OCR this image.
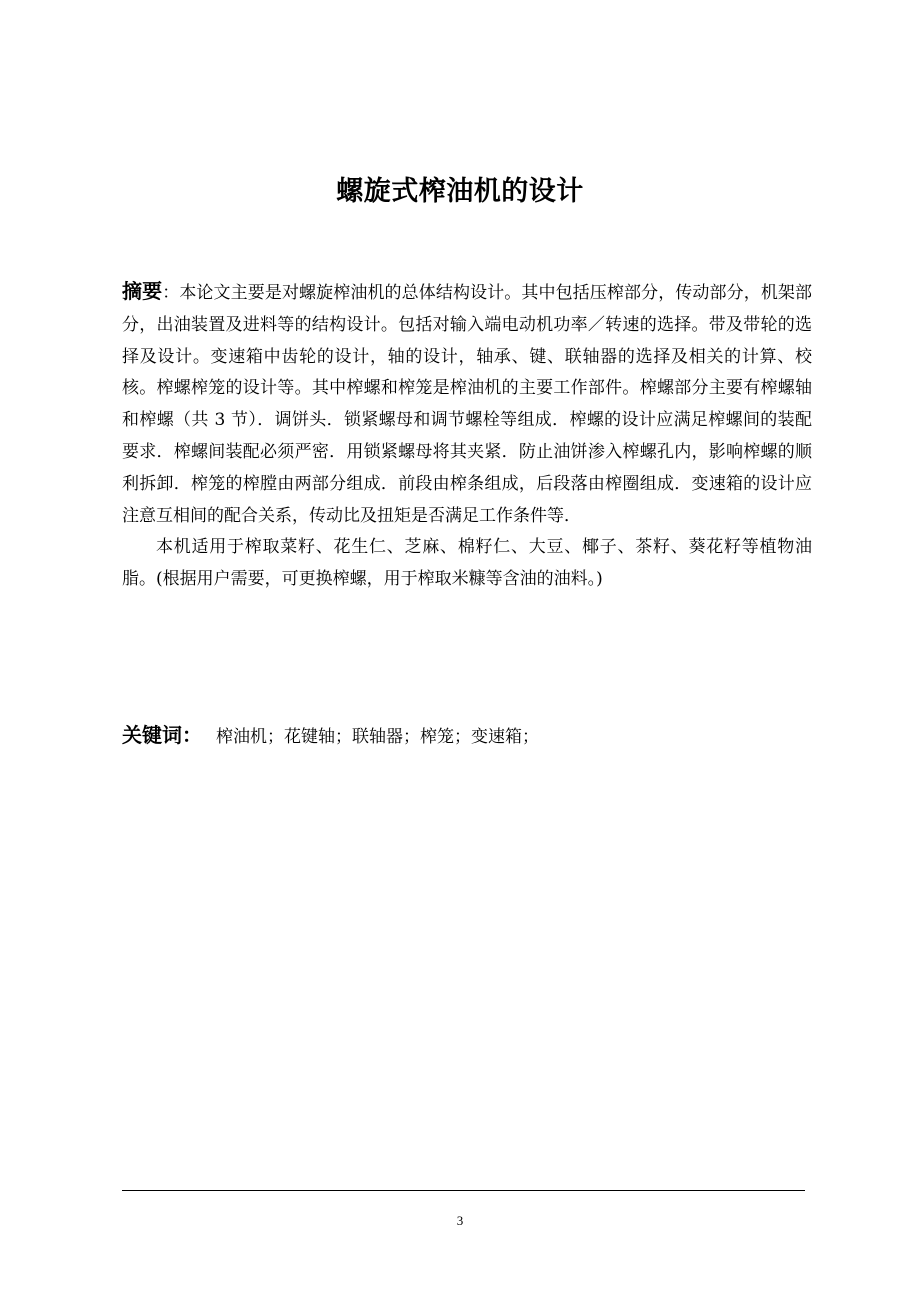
螺旋式榨油机的设计

摘要：本论文主要是对螺旋榨油机的总体结构设计。其中包括压榨部分，传动部分，机架部分，出油装置及进料等的结构设计。包括对输入端电动机功率／转速的选择。带及带轮的选择及设计。变速箱中齿轮的设计，轴的设计，轴承、键、联轴器的选择及相关的计算、校核。榨螺榨笼的设计等。其中榨螺和榨笼是榨油机的主要工作部件。榨螺部分主要有榨螺轴和榨螺（共 3 节）．调饼头．锁紧螺母和调节螺栓等组成．榨螺的设计应满足榨螺间的装配要求．榨螺间装配必须严密．用锁紧螺母将其夹紧．防止油饼渗入榨螺孔内，影响榨螺的顺利拆卸．榨笼的榨膛由两部分组成．前段由榨条组成，后段落由榨圈组成．变速箱的设计应注意互相间的配合关系，传动比及扭矩是否满足工作条件等．

本机适用于榨取菜籽、花生仁、芝麻、棉籽仁、大豆、椰子、茶籽、葵花籽等植物油脂。(根据用户需要，可更换榨螺，用于榨取米糠等含油的油料。)

关键词： 榨油机；花键轴；联轴器；榨笼；变速箱；
3
